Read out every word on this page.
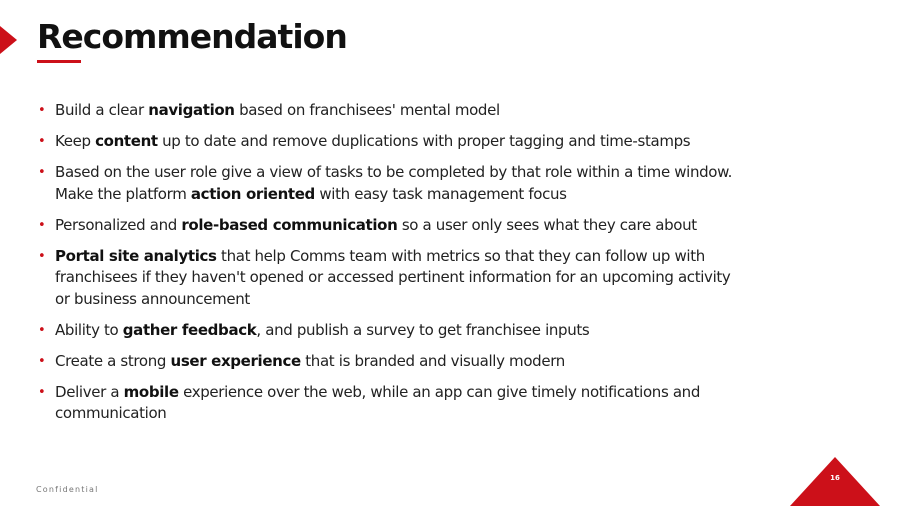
Recommendation
• Build a clear navigation based on franchisees' mental model
• Keep content up to date and remove duplications with proper tagging and time-stamps
• Based on the user role give a view of tasks to be completed by that role within a time window. Make the platform action oriented with easy task management focus
• Personalized and role-based communication so a user only sees what they care about
• Portal site analytics that help Comms team with metrics so that they can follow up with franchisees if they haven't opened or accessed pertinent information for an upcoming activity or business announcement
• Ability to gather feedback, and publish a survey to get franchisee inputs
• Create a strong user experience that is branded and visually modern
• Deliver a mobile experience over the web, while an app can give timely notifications and communication
Confidential
16
